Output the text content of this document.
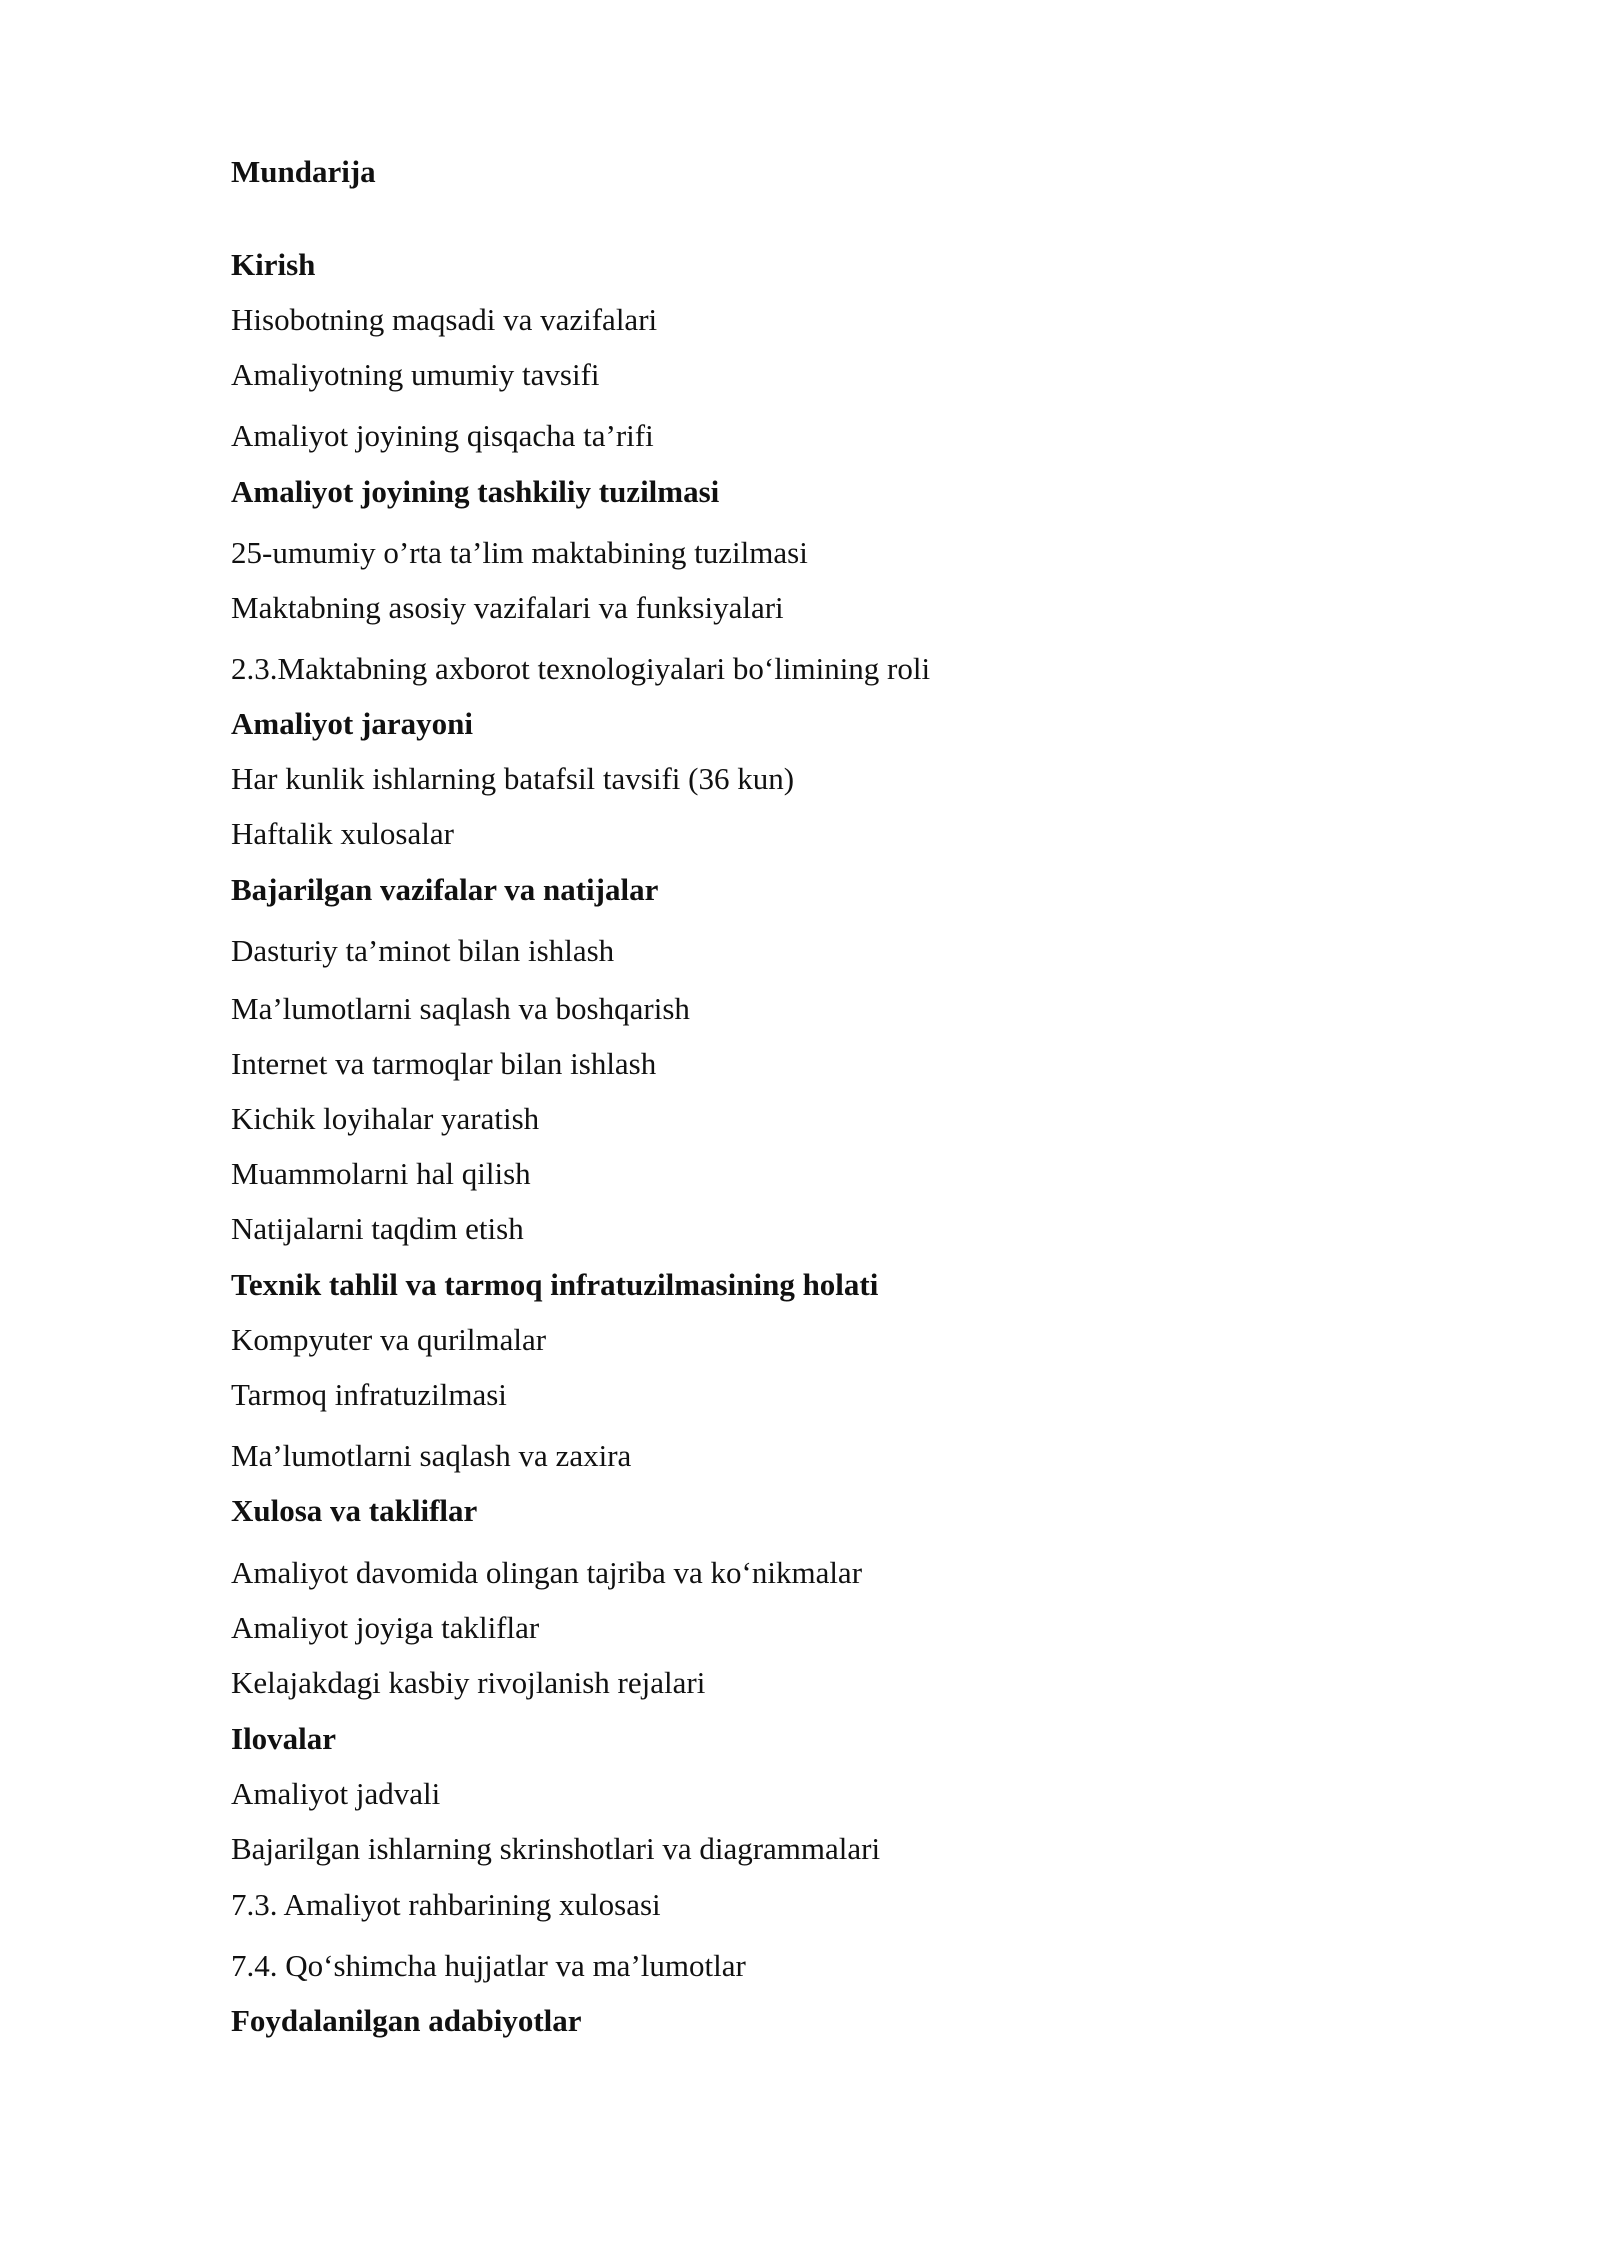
Mundarija
Kirish
Hisobotning maqsadi va vazifalari
Amaliyotning umumiy tavsifi
Amaliyot joyining qisqacha ta’rifi
Amaliyot joyining tashkiliy tuzilmasi
25-umumiy o’rta ta’lim maktabining tuzilmasi
Maktabning asosiy vazifalari va funksiyalari
2.3.Maktabning axborot texnologiyalari bo‘limining roli
Amaliyot jarayoni
Har kunlik ishlarning batafsil tavsifi (36 kun)
Haftalik xulosalar
Bajarilgan vazifalar va natijalar
Dasturiy ta’minot bilan ishlash
Ma’lumotlarni saqlash va boshqarish
Internet va tarmoqlar bilan ishlash
Kichik loyihalar yaratish
Muammolarni hal qilish
Natijalarni taqdim etish
Texnik tahlil va tarmoq infratuzilmasining holati
Kompyuter va qurilmalar
Tarmoq infratuzilmasi
Ma’lumotlarni saqlash va zaxira
Xulosa va takliflar
Amaliyot davomida olingan tajriba va ko‘nikmalar
Amaliyot joyiga takliflar
Kelajakdagi kasbiy rivojlanish rejalari
Ilovalar
Amaliyot jadvali
Bajarilgan ishlarning skrinshotlari va diagrammalari
7.3. Amaliyot rahbarining xulosasi
7.4. Qo‘shimcha hujjatlar va ma’lumotlar
Foydalanilgan adabiyotlar
